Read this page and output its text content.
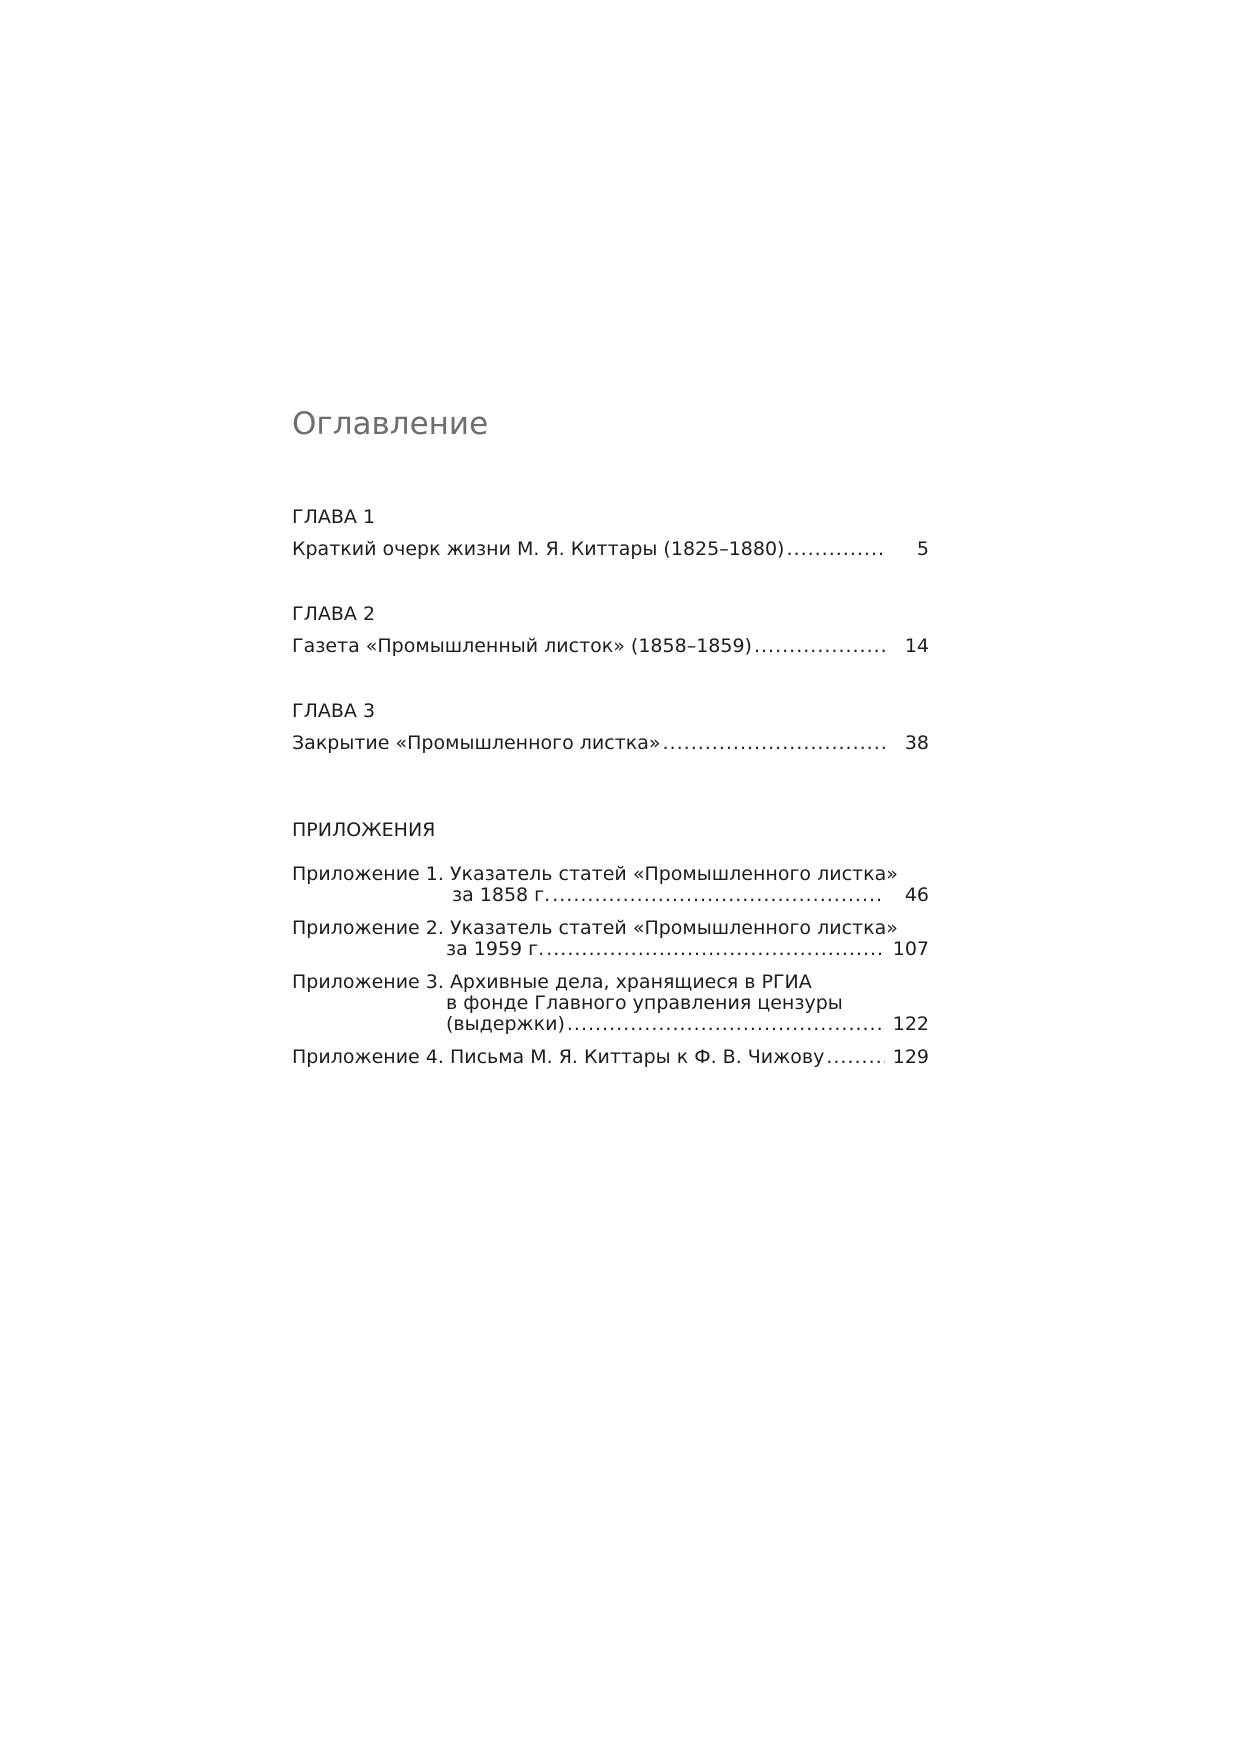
Оглавление

ГЛАВА 1

Краткий очерк жизни М. Я. Киттары (1825–1880) .....	5

ГЛАВА 2

Газета «Промышленный листок» (1858–1859) .....	14

ГЛАВА 3

Закрытие «Промышленного листка» .....	38

ПРИЛОЖЕНИЯ

Приложение 1. Указатель статей «Промышленного листка»

за 1858 г. .....	46

Приложение 2. Указатель статей «Промышленного листка»

за 1959 г. .....	107

Приложение 3. Архивные дела, хранящиеся в РГИА

в фонде Главного управления цензуры

(выдержки) .....	122
Приложение 4. Письма М. Я. Киттары к Ф. В. Чижову .....	129
